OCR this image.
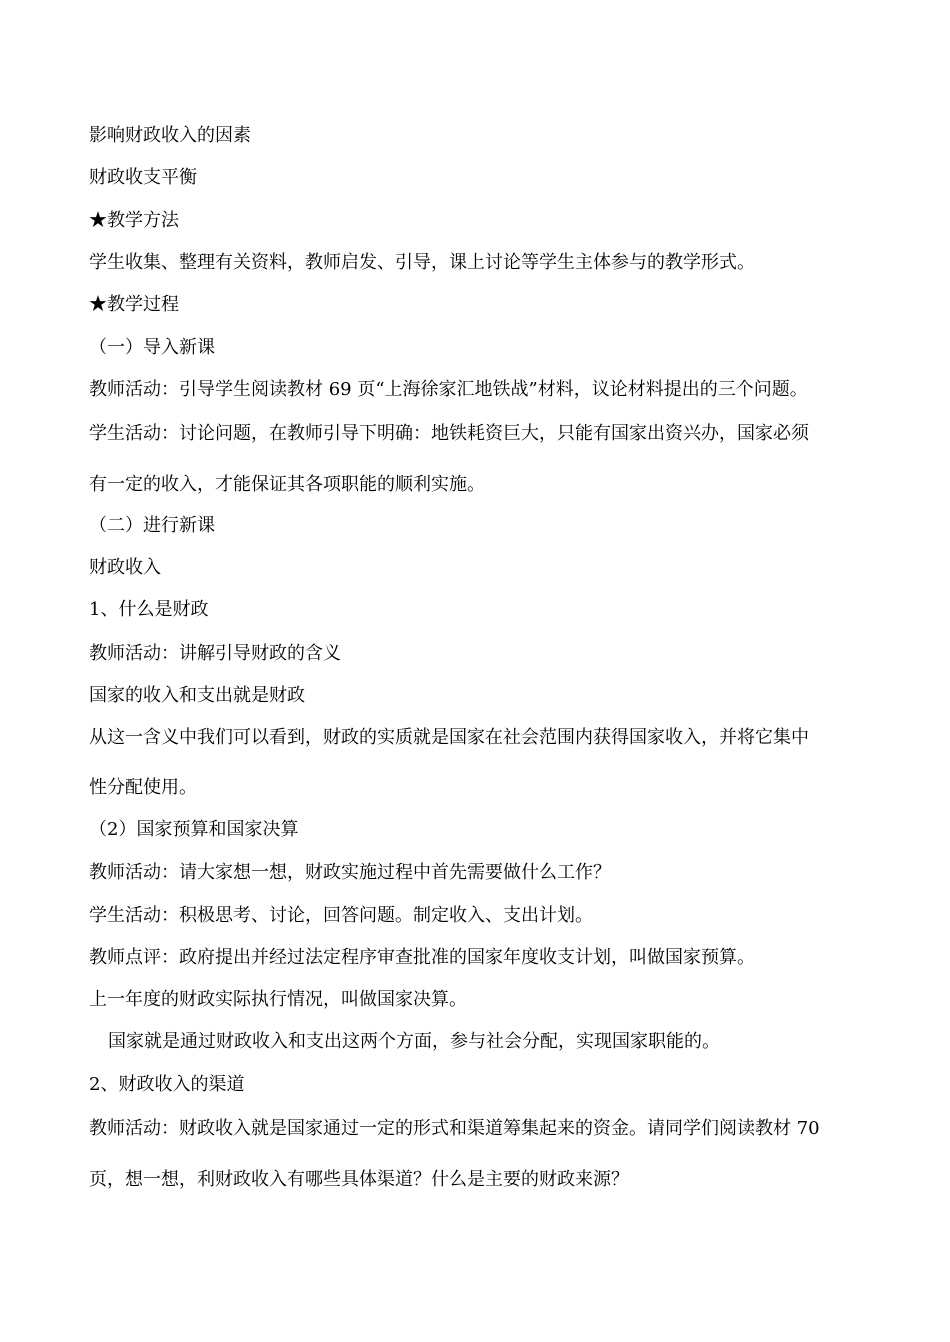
影响财政收入的因素

财政收支平衡

★教学方法

学生收集、整理有关资料，教师启发、引导，课上讨论等学生主体参与的教学形式。

★教学过程

（一）导入新课

教师活动：引导学生阅读教材 69 页“上海徐家汇地铁战”材料，议论材料提出的三个问题。

学生活动：讨论问题，在教师引导下明确：地铁耗资巨大，只能有国家出资兴办，国家必须

有一定的收入，才能保证其各项职能的顺利实施。

（二）进行新课

财政收入

1、什么是财政

教师活动：讲解引导财政的含义

国家的收入和支出就是财政

从这一含义中我们可以看到，财政的实质就是国家在社会范围内获得国家收入，并将它集中

性分配使用。

（2）国家预算和国家决算

教师活动：请大家想一想，财政实施过程中首先需要做什么工作？

学生活动：积极思考、讨论，回答问题。制定收入、支出计划。

教师点评：政府提出并经过法定程序审查批准的国家年度收支计划，叫做国家预算。

上一年度的财政实际执行情况，叫做国家决算。

国家就是通过财政收入和支出这两个方面，参与社会分配，实现国家职能的。

2、财政收入的渠道

教师活动：财政收入就是国家通过一定的形式和渠道筹集起来的资金。请同学们阅读教材 70

页，想一想，利财政收入有哪些具体渠道？什么是主要的财政来源？
